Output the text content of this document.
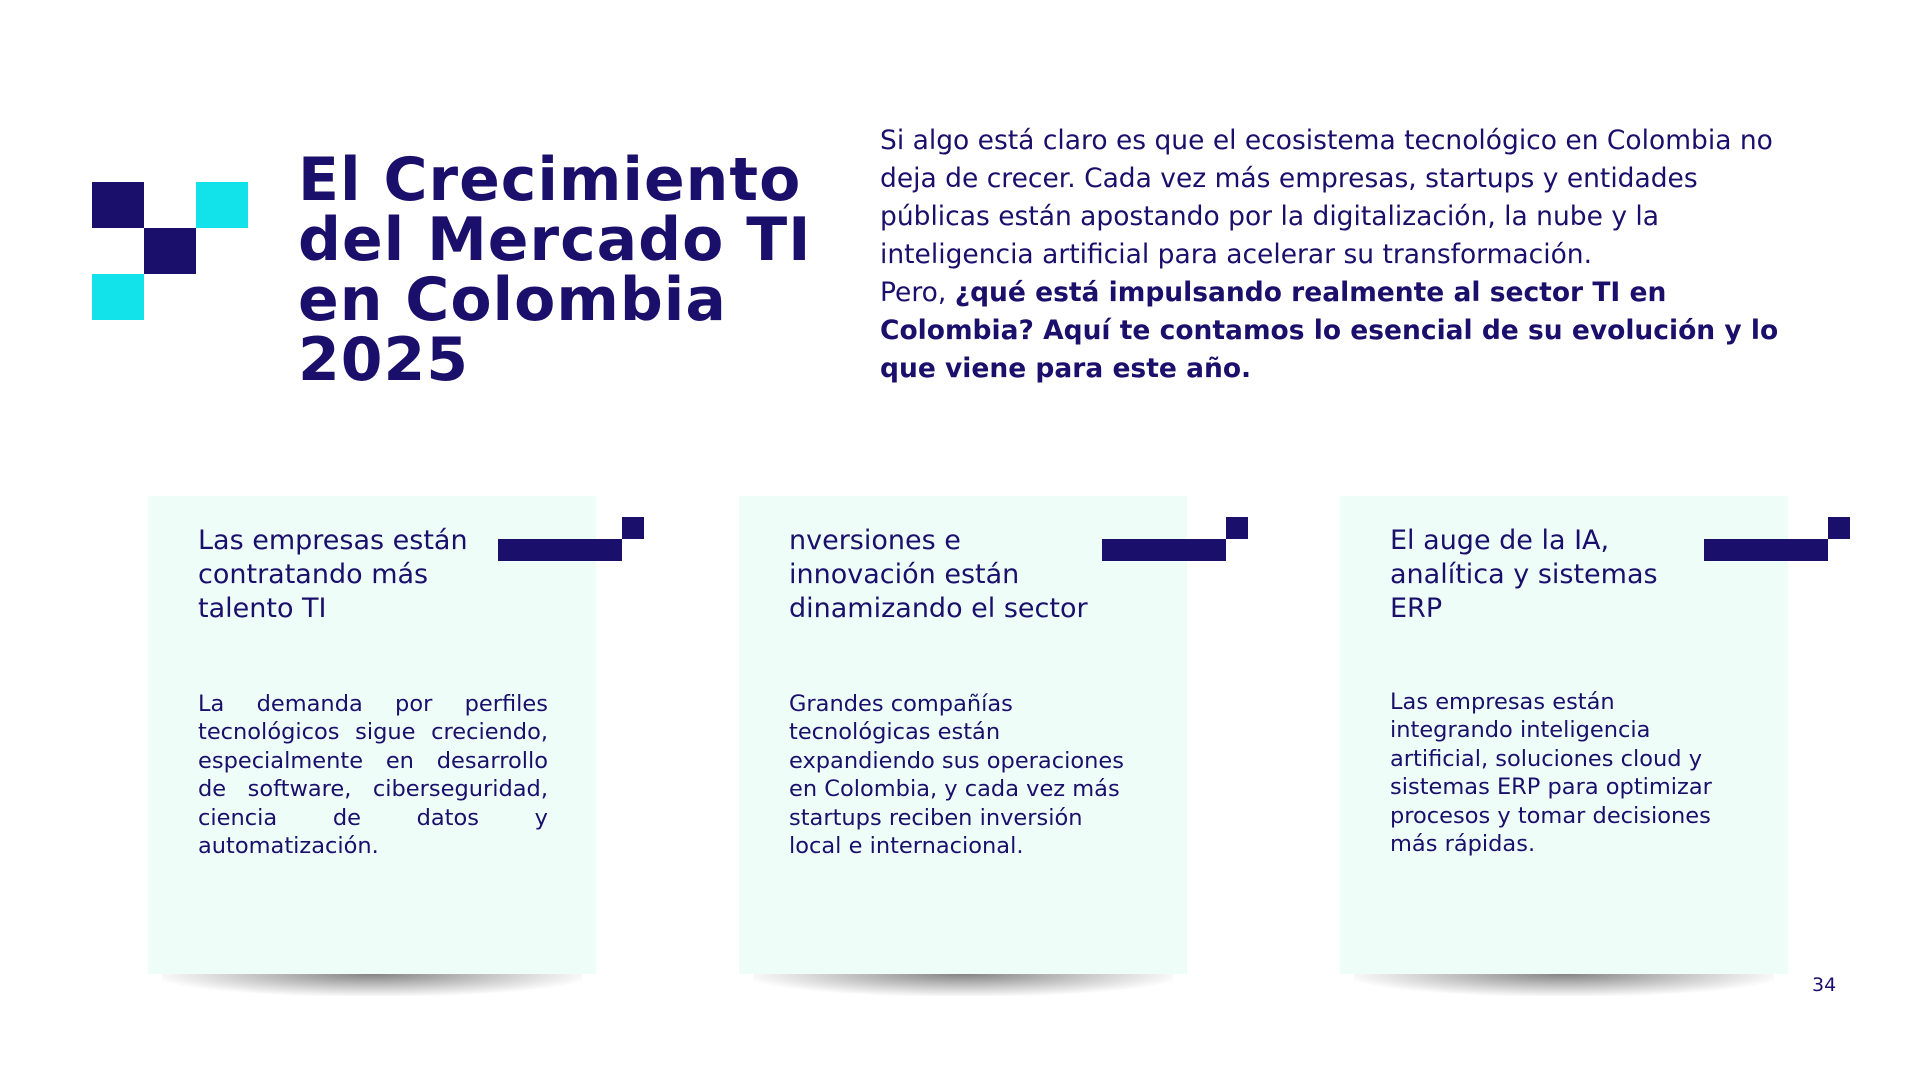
El Crecimiento
del Mercado TI
en Colombia
2025

Si algo está claro es que el ecosistema tecnológico en Colombia no deja de crecer. Cada vez más empresas, startups y entidades públicas están apostando por la digitalización, la nube y la inteligencia artificial para acelerar su transformación.

Pero, ¿qué está impulsando realmente al sector TI en Colombia? Aquí te contamos lo esencial de su evolución y lo que viene para este año.

Las empresas están contratando más talento TI
La demanda por perfiles tecnológicos sigue creciendo, especialmente en desarrollo de software, ciberseguridad, ciencia de datos y automatización.
nversiones e innovación están dinamizando el sector
Grandes compañías tecnológicas están expandiendo sus operaciones en Colombia, y cada vez más startups reciben inversión local e internacional.
El auge de la IA, analítica y sistemas ERP
Las empresas están integrando inteligencia artificial, soluciones cloud y sistemas ERP para optimizar procesos y tomar decisiones más rápidas.
34
